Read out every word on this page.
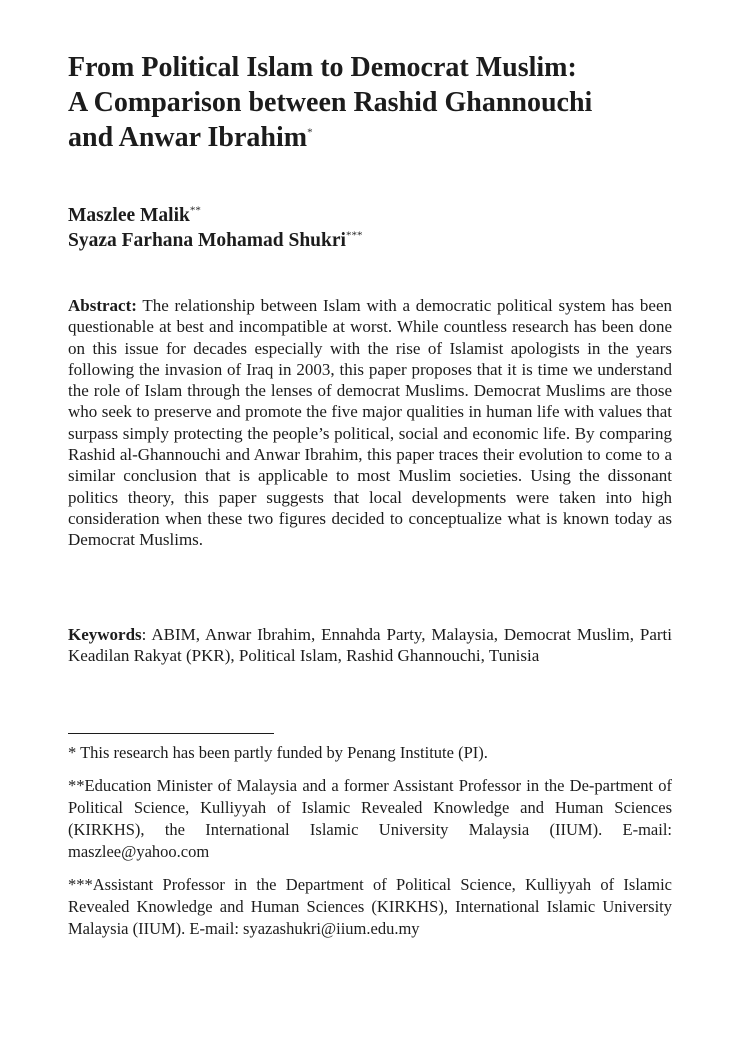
From Political Islam to Democrat Muslim:
A Comparison between Rashid Ghannouchi
and Anwar Ibrahim*
Maszlee Malik**
Syaza Farhana Mohamad Shukri***

Abstract: The relationship between Islam with a democratic political system has been questionable at best and incompatible at worst. While countless research has been done on this issue for decades especially with the rise of Islamist apologists in the years following the invasion of Iraq in 2003, this paper proposes that it is time we understand the role of Islam through the lenses of democrat Muslims. Democrat Muslims are those who seek to preserve and promote the five major qualities in human life with values that surpass simply protecting the people’s political, social and economic life. By comparing Rashid al-Ghannouchi and Anwar Ibrahim, this paper traces their evolution to come to a similar conclusion that is applicable to most Muslim societies. Using the dissonant politics theory, this paper suggests that local developments were taken into high consideration when these two figures decided to conceptualize what is known today as Democrat Muslims.

Keywords: ABIM, Anwar Ibrahim, Ennahda Party, Malaysia, Democrat Muslim, Parti Keadilan Rakyat (PKR), Political Islam, Rashid Ghannouchi, Tunisia

* This research has been partly funded by Penang Institute (PI).

**Education Minister of Malaysia and a former Assistant Professor in the De-partment of Political Science, Kulliyyah of Islamic Revealed Knowledge and Human Sciences (KIRKHS), the International Islamic University Malaysia (IIUM). E-mail: maszlee@yahoo.com

***Assistant Professor in the Department of Political Science, Kulliyyah of Islamic Revealed Knowledge and Human Sciences (KIRKHS), International Islamic University Malaysia (IIUM). E-mail: syazashukri@iium.edu.my
